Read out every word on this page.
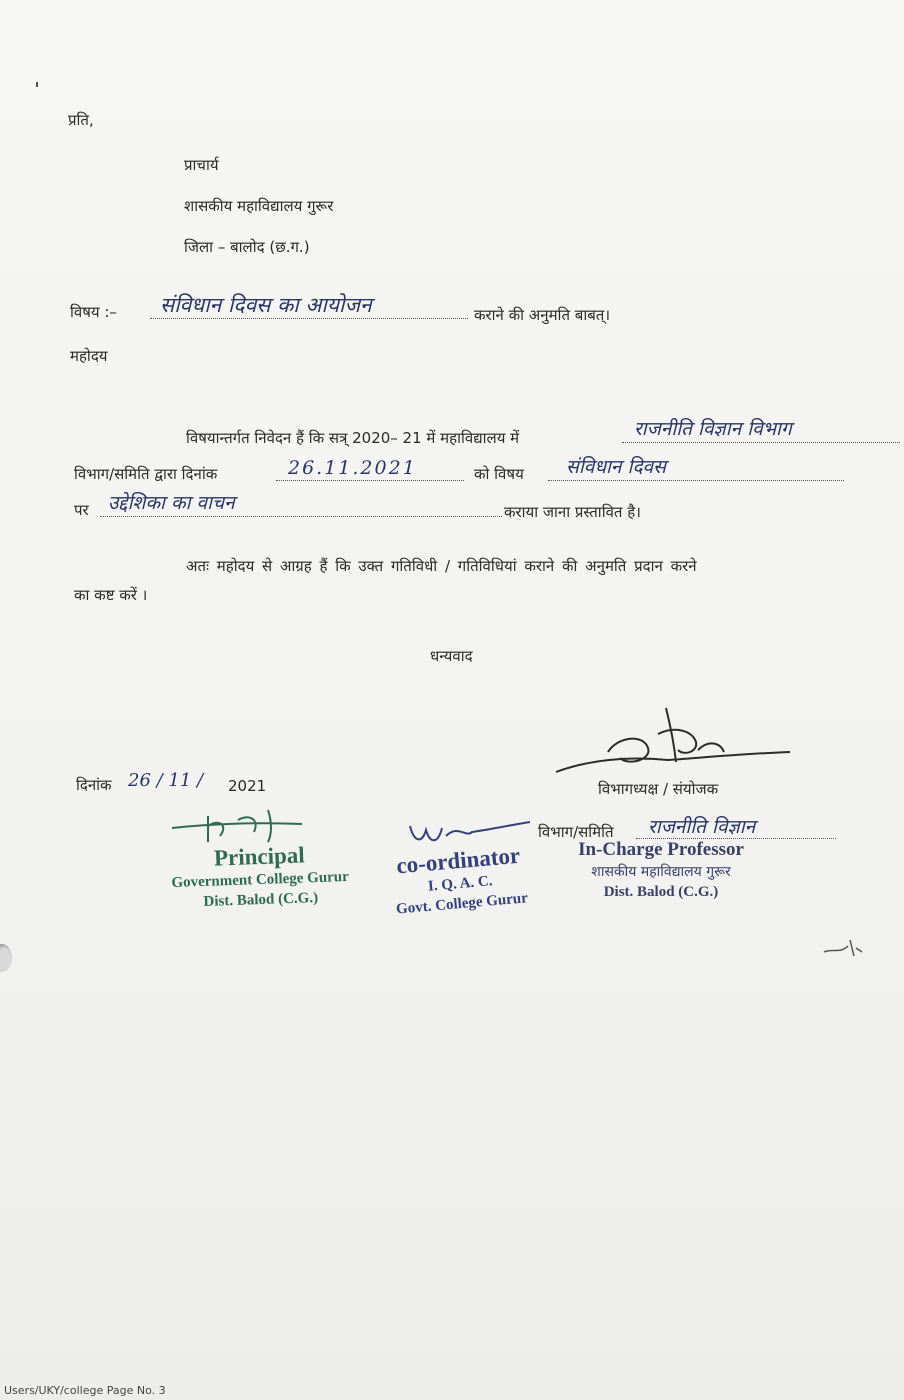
प्रति,
प्राचार्य
शासकीय महाविद्यालय गुरूर
जिला – बालोद (छ.ग.)
विषय :– संविधान दिवस का आयोजन	कराने की अनुमति बाबत्।
महोदय
विषयान्तर्गत निवेदन हैं कि सत्र् 2020– 21 में महाविद्यालय में	राजनीति विज्ञान विभाग
विभाग/समिति द्वारा दिनांक	26.11.2021	को विषय संविधान दिवस
पर उद्देशिका का वाचन	कराया जाना प्रस्तावित है।
अतः महोदय से आग्रह हैं कि उक्त गतिविधी / गतिविधियां कराने की अनुमति प्रदान करने
का कष्ट करें ।
धन्यवाद
दिनांक 26 / 11 / 2021	विभागध्यक्ष / संयोजक
Principal
Government College Gurur
Dist. Balod (C.G.)
co-ordinator
I. Q. A. C.
Govt. College Gurur
विभाग/समिति राजनीति विज्ञान
In-Charge Professor
शासकीय महाविद्यालय गुरूर
Dist. Balod (C.G.)
Users/UKY/college Page No. 3
